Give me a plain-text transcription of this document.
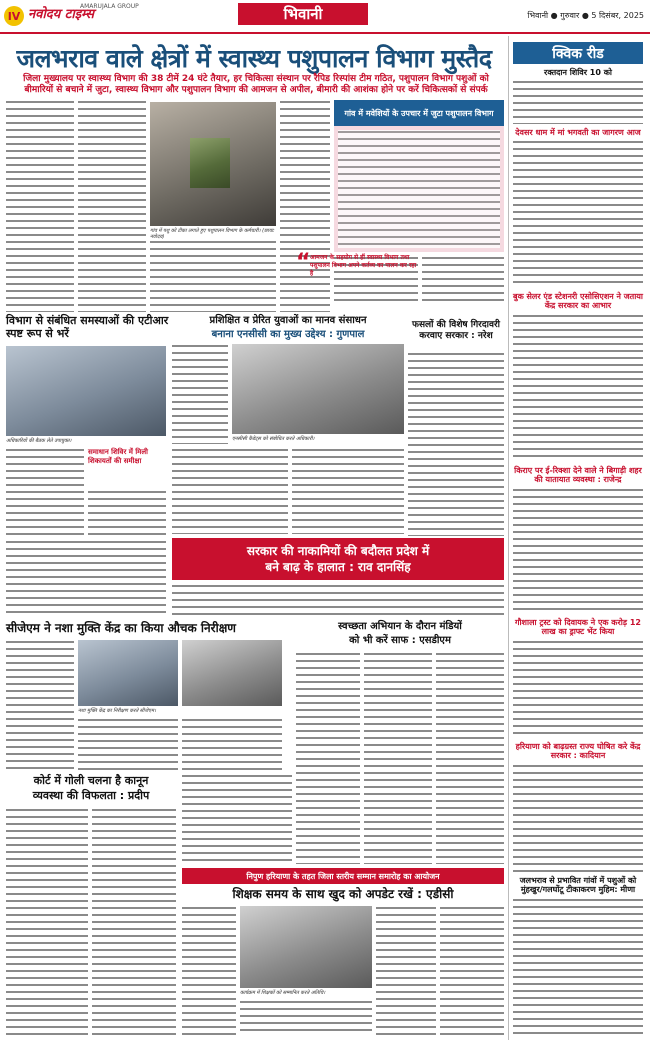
IV नवोदय टाइम्स
AMARUJALA GROUP	भिवानी	भिवानी ● गुरुवार ● 5 दिसंबर, 2025
जलभराव वाले क्षेत्रों में स्वास्थ्य पशुपालन विभाग मुस्तैद
जिला मुख्यालय पर स्वास्थ्य विभाग की 38 टीमें 24 घंटे तैयार, हर चिकित्सा संस्थान पर रैपिड रिस्पांस टीम गठित, पशुपालन विभाग पशुओं को बीमारियों से बचाने में जुटा, स्वास्थ्य विभाग और पशुपालन विभाग की आमजन से अपील, बीमारी की आशंका होने पर करें चिकित्सकों से संपर्क
गांव में पशु को टीका लगाते हुए पशुपालन विभाग के कर्मचारी। (छाया: नवोदय)
गांव में मवेशियों के उपचार में जुटा पशुपालन विभाग
“ आमजन के सहयोग से हीं स्वास्थ्य विभाग तथा पशुपालन विभाग अपने कर्तव्य का पालन कर रहा है
विभाग से संबंधित समस्याओं की एटीआर स्पष्ट रूप से भरें
अधिकारियों की बैठक लेते उपायुक्त।
समाधान शिविर में मिली शिकायतों की समीक्षा
प्रशिक्षित व प्रेरित युवाओं का मानव संसाधन
बनाना एनसीसी का मुख्य उद्देश्य : गुणपाल
एनसीसी कैडेट्स को संबोधित करते अधिकारी।
फसलों की विशेष गिरदावरी करवाए सरकार : नरेश
सरकार की नाकामियों की बदौलत प्रदेश में
बने बाढ़ के हालात : राव दानसिंह
सीजेएम ने नशा मुक्ति केंद्र का किया औचक निरीक्षण
नशा मुक्ति केंद्र का निरीक्षण करते सीजेएम।
स्वच्छता अभियान के दौरान मंडियों
को भी करें साफ : एसडीएम
कोर्ट में गोली चलना है कानून
व्यवस्था की विफलता : प्रदीप
निपुण हरियाणा के तहत जिला स्तरीय सम्मान समारोह का आयोजन
शिक्षक समय के साथ खुद को अपडेट रखें : एडीसी
कार्यक्रम में शिक्षकों को सम्मानित करते अतिथि।
क्विक रीड
रक्तदान शिविर 10 को
देवसर धाम में मां भगवती का जागरण आज
बुक सेलर एंड स्टेशनरी एसोसिएशन ने जताया केंद्र सरकार का आभार
किराए पर ई-रिक्शा देने वाले ने बिगाड़ी शहर की यातायात व्यवस्था : राजेन्द्र
गौशाला ट्रस्ट को दिवायक ने एक करोड़ 12 लाख का ड्राफ्ट भेंट किया
हरियाणा को बाढ़ग्रस्त राज्य घोषित करे केंद्र सरकार : कादियान
जलभराव से प्रभावित गांवों में पशुओं को मुंहखुर/गलघोंटू टीकाकरण मुहिम: मीणा
